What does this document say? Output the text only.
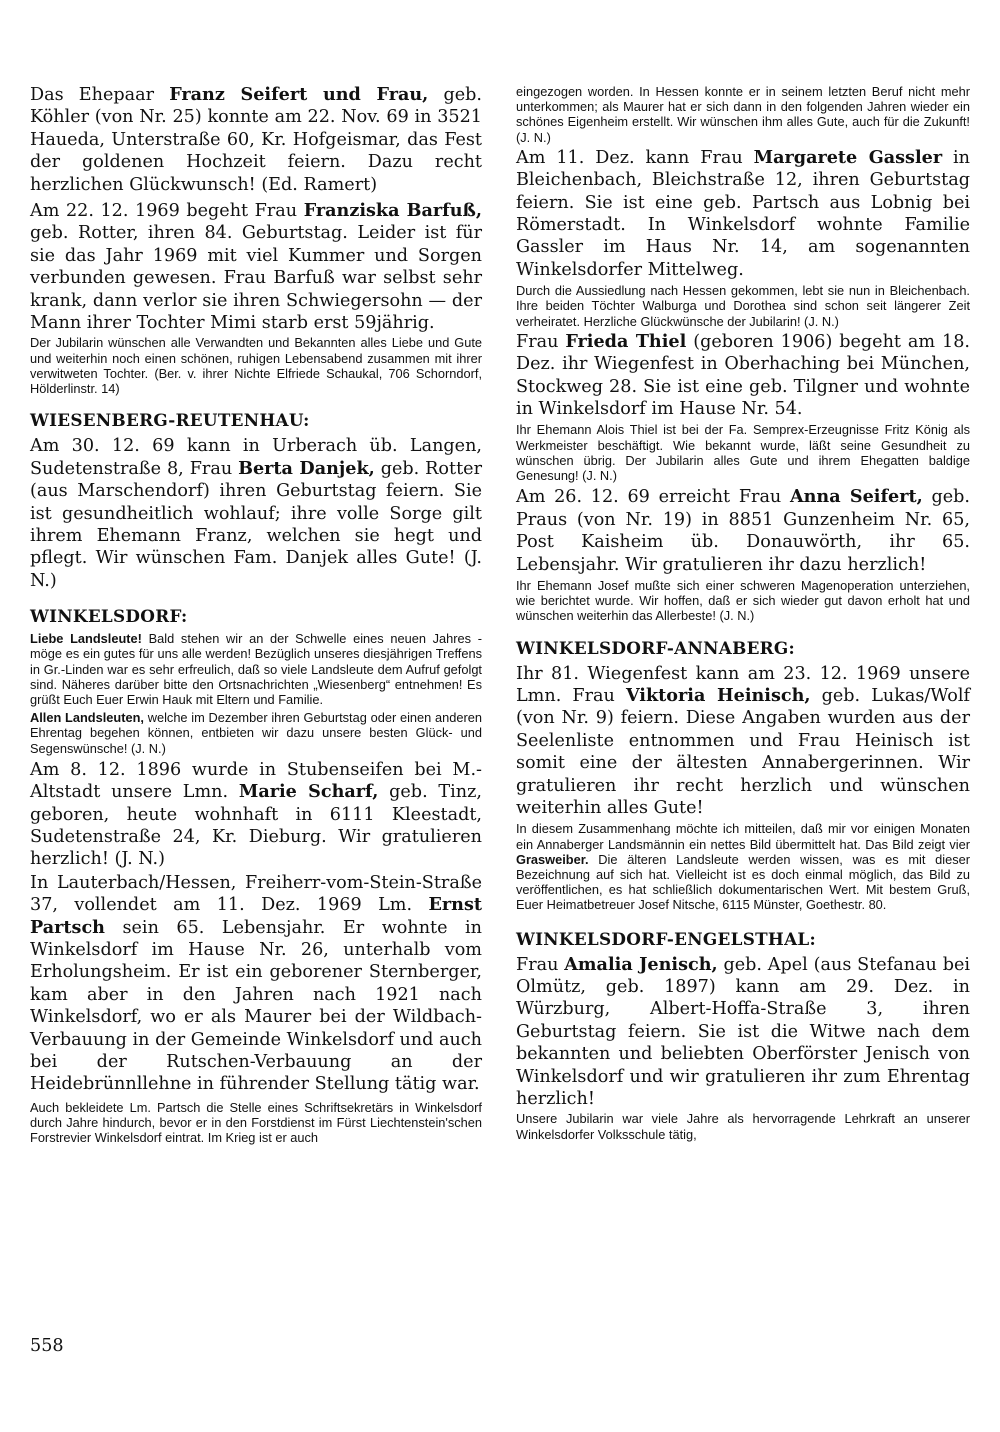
Das Ehepaar Franz Seifert und Frau, geb. Köhler (von Nr. 25) konnte am 22. Nov. 69 in 3521 Haueda, Unterstraße 60, Kr. Hofgeismar, das Fest der goldenen Hochzeit feiern. Dazu recht herzlichen Glückwunsch! (Ed. Ramert)

Am 22. 12. 1969 begeht Frau Franziska Barfuß, geb. Rotter, ihren 84. Geburtstag. Leider ist für sie das Jahr 1969 mit viel Kummer und Sorgen verbunden gewesen. Frau Barfuß war selbst sehr krank, dann verlor sie ihren Schwiegersohn — der Mann ihrer Tochter Mimi starb erst 59jährig.

Der Jubilarin wünschen alle Verwandten und Bekannten alles Liebe und Gute und weiterhin noch einen schönen, ruhigen Lebensabend zusammen mit ihrer verwitweten Tochter. (Ber. v. ihrer Nichte Elfriede Schaukal, 706 Schorndorf, Hölderlinstr. 14)

WIESENBERG-REUTENHAU:

Am 30. 12. 69 kann in Urberach üb. Langen, Sudetenstraße 8, Frau Berta Danjek, geb. Rotter (aus Marschendorf) ihren Geburtstag feiern. Sie ist gesundheitlich wohlauf; ihre volle Sorge gilt ihrem Ehemann Franz, welchen sie hegt und pflegt. Wir wünschen Fam. Danjek alles Gute! (J. N.)

WINKELSDORF:

Liebe Landsleute! Bald stehen wir an der Schwelle eines neuen Jahres - möge es ein gutes für uns alle werden! Bezüglich unseres diesjährigen Treffens in Gr.-Linden war es sehr erfreulich, daß so viele Landsleute dem Aufruf gefolgt sind. Näheres darüber bitte den Ortsnachrichten „Wiesenberg“ entnehmen! Es grüßt Euch Euer Erwin Hauk mit Eltern und Familie.

Allen Landsleuten, welche im Dezember ihren Geburtstag oder einen anderen Ehrentag begehen können, entbieten wir dazu unsere besten Glück- und Segenswünsche! (J. N.)

Am 8. 12. 1896 wurde in Stubenseifen bei M.-Altstadt unsere Lmn. Marie Scharf, geb. Tinz, geboren, heute wohnhaft in 6111 Kleestadt, Sudetenstraße 24, Kr. Dieburg. Wir gratulieren herzlich! (J. N.)

In Lauterbach/Hessen, Freiherr-vom-Stein-Straße 37, vollendet am 11. Dez. 1969 Lm. Ernst Partsch sein 65. Lebensjahr. Er wohnte in Winkelsdorf im Hause Nr. 26, unterhalb vom Erholungsheim. Er ist ein geborener Sternberger, kam aber in den Jahren nach 1921 nach Winkelsdorf, wo er als Maurer bei der Wildbach-Verbauung in der Gemeinde Winkelsdorf und auch bei der Rutschen-Verbauung an der Heidebrünnllehne in führender Stellung tätig war.

Auch bekleidete Lm. Partsch die Stelle eines Schriftsekretärs in Winkelsdorf durch Jahre hindurch, bevor er in den Forstdienst im Fürst Liechtenstein'schen Forstrevier Winkelsdorf eintrat. Im Krieg ist er auch

eingezogen worden. In Hessen konnte er in seinem letzten Beruf nicht mehr unterkommen; als Maurer hat er sich dann in den folgenden Jahren wieder ein schönes Eigenheim erstellt. Wir wünschen ihm alles Gute, auch für die Zukunft! (J. N.)

Am 11. Dez. kann Frau Margarete Gassler in Bleichenbach, Bleichstraße 12, ihren Geburtstag feiern. Sie ist eine geb. Partsch aus Lobnig bei Römerstadt. In Winkelsdorf wohnte Familie Gassler im Haus Nr. 14, am sogenannten Winkelsdorfer Mittelweg.

Durch die Aussiedlung nach Hessen gekommen, lebt sie nun in Bleichenbach. Ihre beiden Töchter Walburga und Dorothea sind schon seit längerer Zeit verheiratet. Herzliche Glückwünsche der Jubilarin! (J. N.)

Frau Frieda Thiel (geboren 1906) begeht am 18. Dez. ihr Wiegenfest in Oberhaching bei München, Stockweg 28. Sie ist eine geb. Tilgner und wohnte in Winkelsdorf im Hause Nr. 54.

Ihr Ehemann Alois Thiel ist bei der Fa. Semprex-Erzeugnisse Fritz König als Werkmeister beschäftigt. Wie bekannt wurde, läßt seine Gesundheit zu wünschen übrig. Der Jubilarin alles Gute und ihrem Ehegatten baldige Genesung! (J. N.)

Am 26. 12. 69 erreicht Frau Anna Seifert, geb. Praus (von Nr. 19) in 8851 Gunzenheim Nr. 65, Post Kaisheim üb. Donauwörth, ihr 65. Lebensjahr. Wir gratulieren ihr dazu herzlich!

Ihr Ehemann Josef mußte sich einer schweren Magenoperation unterziehen, wie berichtet wurde. Wir hoffen, daß er sich wieder gut davon erholt hat und wünschen weiterhin das Allerbeste! (J. N.)

WINKELSDORF-ANNABERG:

Ihr 81. Wiegenfest kann am 23. 12. 1969 unsere Lmn. Frau Viktoria Heinisch, geb. Lukas/Wolf (von Nr. 9) feiern. Diese Angaben wurden aus der Seelenliste entnommen und Frau Heinisch ist somit eine der ältesten Annabergerinnen. Wir gratulieren ihr recht herzlich und wünschen weiterhin alles Gute!

In diesem Zusammenhang möchte ich mitteilen, daß mir vor einigen Monaten ein Annaberger Landsmännin ein nettes Bild übermittelt hat. Das Bild zeigt vier Grasweiber. Die älteren Landsleute werden wissen, was es mit dieser Bezeichnung auf sich hat. Vielleicht ist es doch einmal möglich, das Bild zu veröffentlichen, es hat schließlich dokumentarischen Wert. Mit bestem Gruß, Euer Heimatbetreuer Josef Nitsche, 6115 Münster, Goethestr. 80.

WINKELSDORF-ENGELSTHAL:

Frau Amalia Jenisch, geb. Apel (aus Stefanau bei Olmütz, geb. 1897) kann am 29. Dez. in Würzburg, Albert-Hoffa-Straße 3, ihren Geburtstag feiern. Sie ist die Witwe nach dem bekannten und beliebten Oberförster Jenisch von Winkelsdorf und wir gratulieren ihr zum Ehrentag herzlich!

Unsere Jubilarin war viele Jahre als hervorragende Lehrkraft an unserer Winkelsdorfer Volksschule tätig,

558
